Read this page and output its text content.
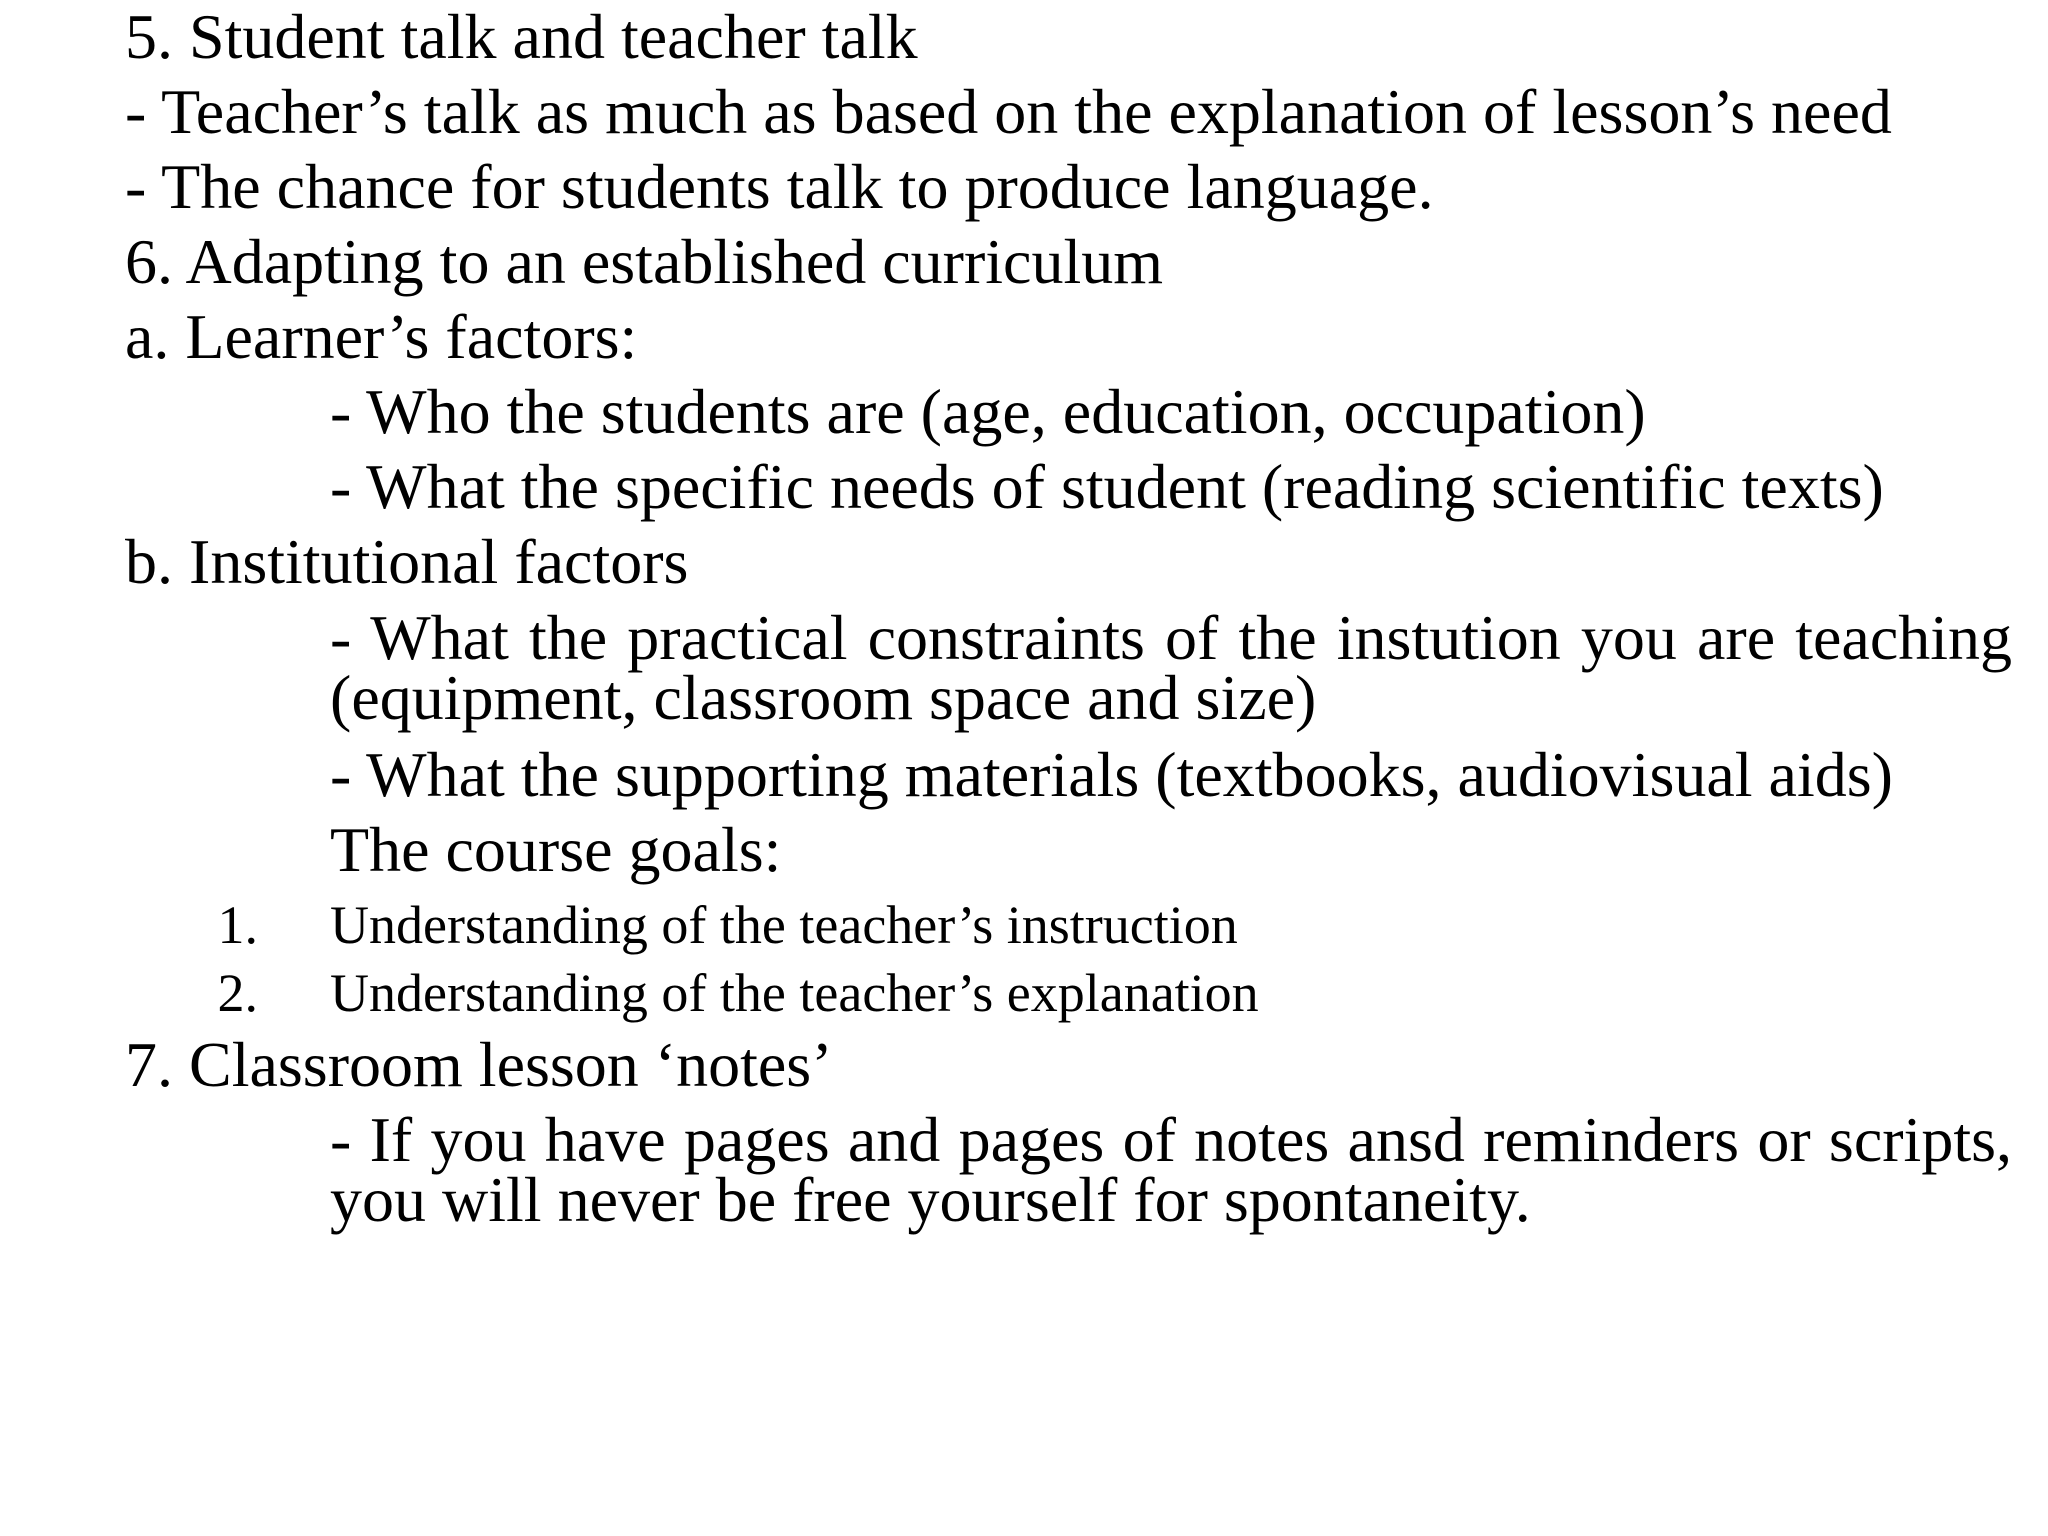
5. Student talk and teacher talk
- Teacher’s talk as much as based on the explanation of lesson’s need
- The chance for students talk to produce language.
6. Adapting to an established curriculum
a. Learner’s factors:
- Who the students are (age, education, occupation)
- What the specific needs of student (reading scientific texts)
b. Institutional factors
- What the practical constraints of the instution you are teaching (equipment, classroom space and size)
- What the supporting materials (textbooks, audiovisual aids)
The course goals:
1. Understanding of the teacher’s instruction
2. Understanding of the teacher’s explanation
7. Classroom lesson ‘notes’
- If you have pages and pages of notes ansd reminders or scripts, you will never be free yourself for spontaneity.
